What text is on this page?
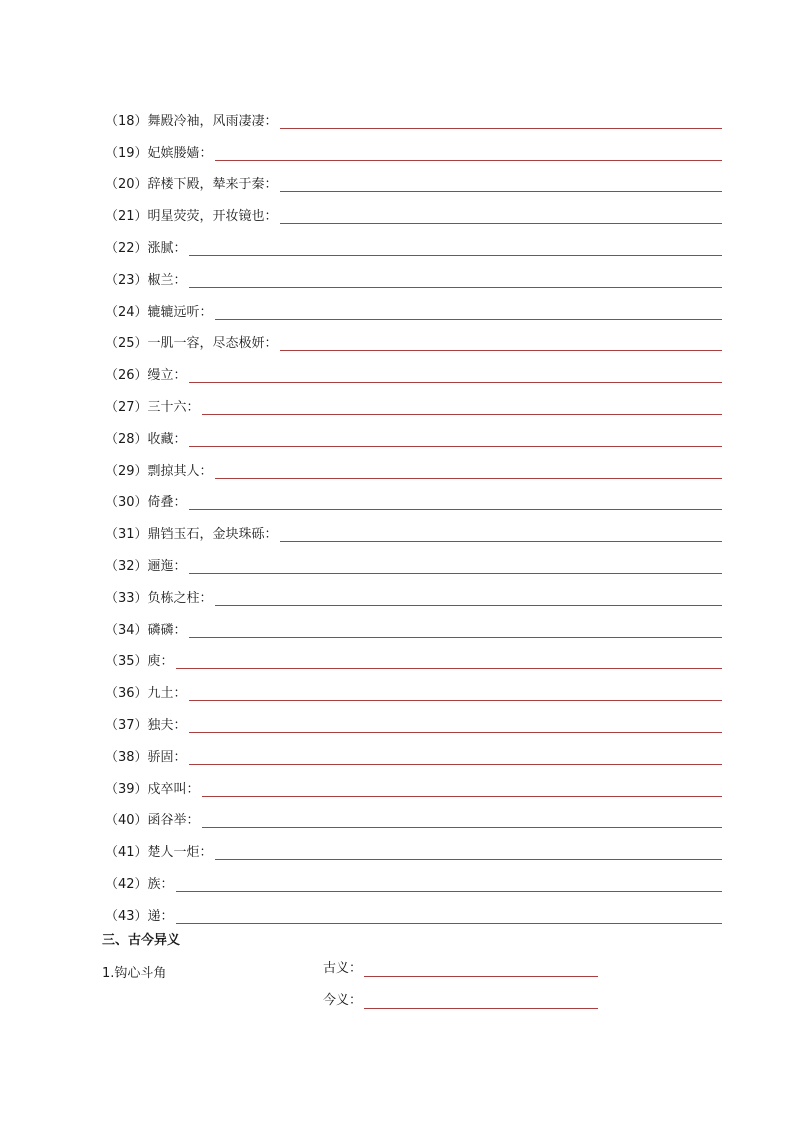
（18） 舞殿冷袖，风雨凄凄：
（19） 妃嫔媵嫱：
（20） 辞楼下殿，辇来于秦：
（21） 明星荧荧，开妆镜也：
（22） 涨腻：
（23） 椒兰：
（24） 辘辘远听：
（25） 一肌一容，尽态极妍：
（26） 缦立：
（27） 三十六：
（28） 收藏：
（29） 剽掠其人：
（30） 倚叠：
（31） 鼎铛玉石，金块珠砾：
（32） 逦迤：
（33） 负栋之柱：
（34） 磷磷：
（35） 庾：
（36） 九土：
（37） 独夫：
（38） 骄固：
（39） 戍卒叫：
（40） 函谷举：
（41） 楚人一炬：
（42） 族：
（43） 递：
三、古今异义
1.钩心斗角	古义：
今义：
